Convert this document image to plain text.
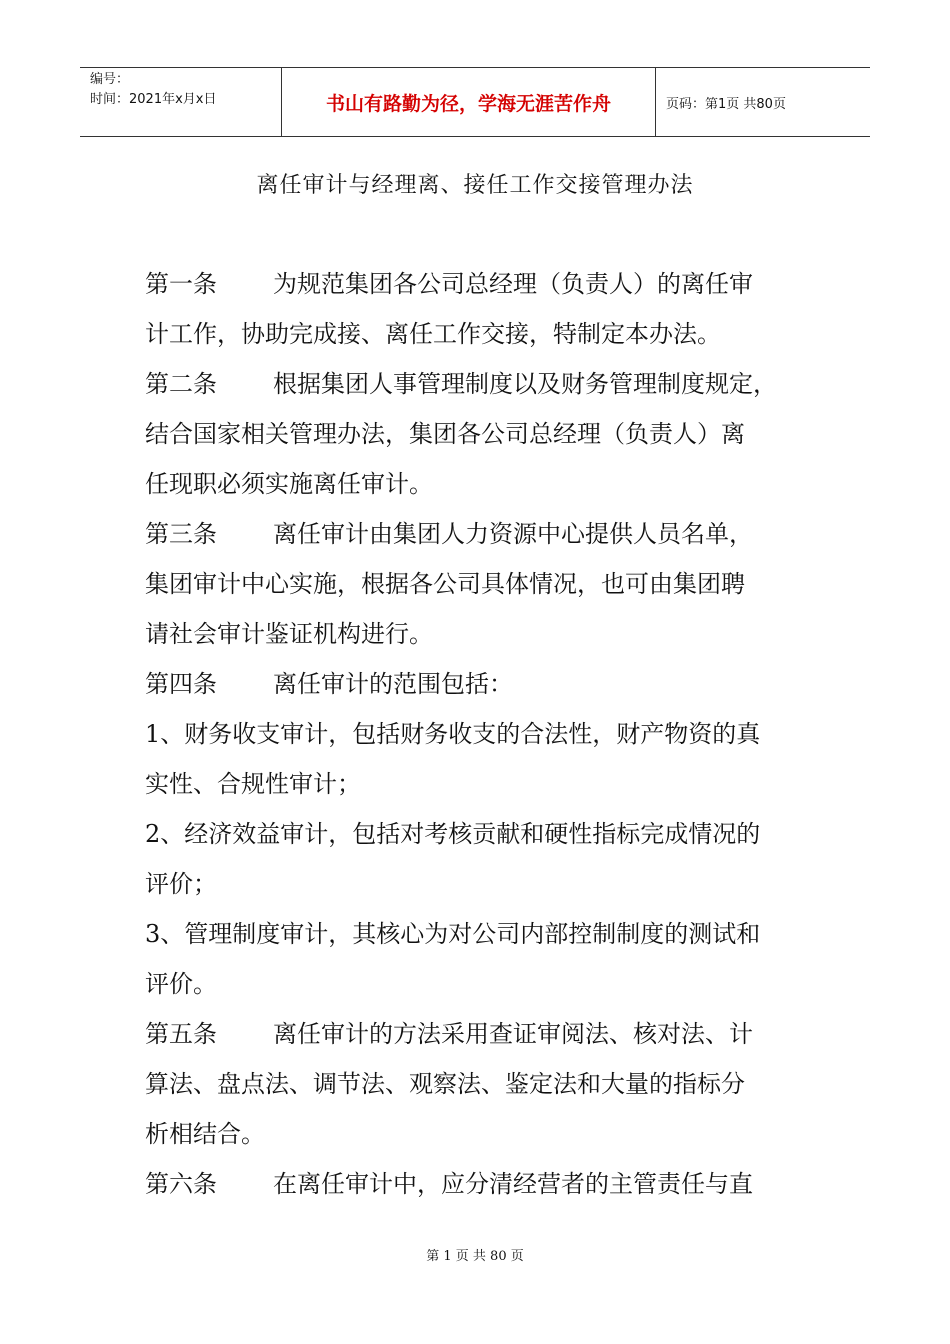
编号：
时间：2021年x月x日	书山有路勤为径，学海无涯苦作舟	页码：第1页 共80页
离任审计与经理离、接任工作交接管理办法
第一条 为规范集团各公司总经理（负责人）的离任审
计工作，协助完成接、离任工作交接，特制定本办法。
第二条 根据集团人事管理制度以及财务管理制度规定，
结合国家相关管理办法，集团各公司总经理（负责人）离
任现职必须实施离任审计。
第三条 离任审计由集团人力资源中心提供人员名单，
集团审计中心实施，根据各公司具体情况，也可由集团聘
请社会审计鉴证机构进行。
第四条 离任审计的范围包括：
1、财务收支审计，包括财务收支的合法性，财产物资的真
实性、合规性审计；
2、经济效益审计，包括对考核贡献和硬性指标完成情况的
评价；
3、管理制度审计，其核心为对公司内部控制制度的测试和
评价。
第五条 离任审计的方法采用查证审阅法、核对法、计
算法、盘点法、调节法、观察法、鉴定法和大量的指标分
析相结合。
第六条 在离任审计中，应分清经营者的主管责任与直
第 1 页 共 80 页
